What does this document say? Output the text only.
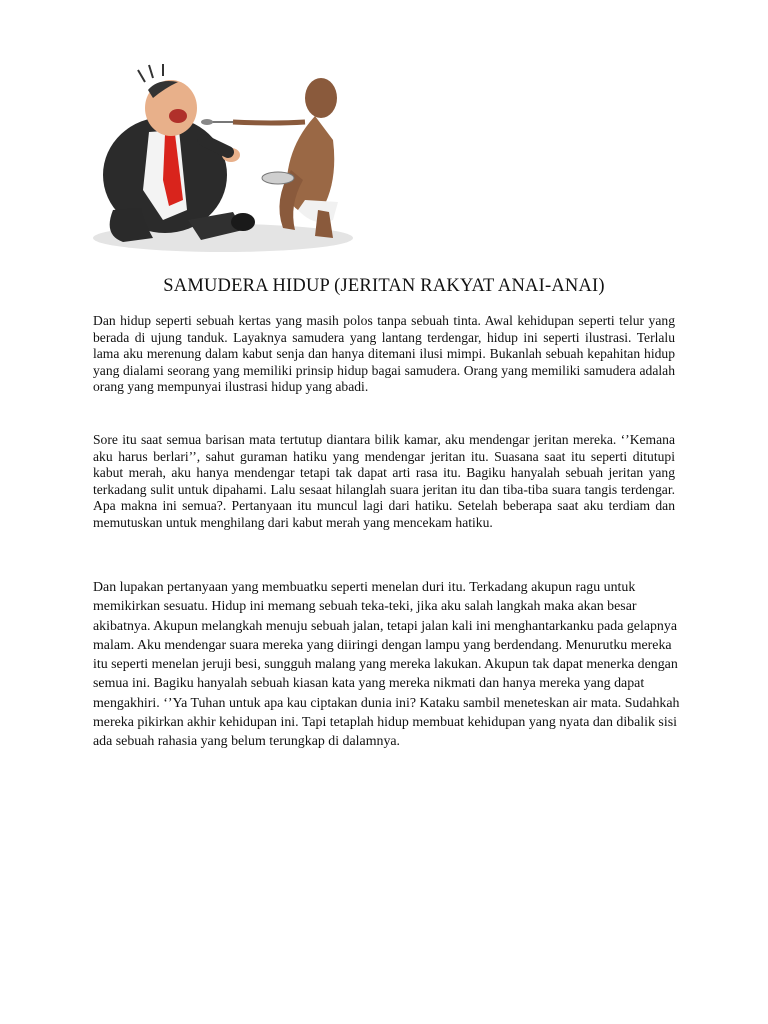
SAMUDERA HIDUP (JERITAN RAKYAT ANAI-ANAI)

Dan hidup seperti sebuah kertas yang masih polos tanpa sebuah tinta. Awal kehidupan seperti telur yang berada di ujung tanduk. Layaknya samudera yang lantang terdengar, hidup ini seperti ilustrasi. Terlalu lama aku merenung dalam kabut senja dan hanya ditemani ilusi mimpi. Bukanlah sebuah kepahitan hidup yang dialami seorang yang memiliki prinsip hidup bagai samudera. Orang yang memiliki samudera adalah orang yang mempunyai ilustrasi hidup yang abadi.

Sore itu saat semua barisan mata tertutup diantara bilik kamar, aku mendengar jeritan mereka. ‘’Kemana aku harus berlari’’, sahut guraman hatiku yang mendengar jeritan itu. Suasana saat itu seperti ditutupi kabut merah, aku hanya mendengar tetapi tak dapat arti rasa itu. Bagiku hanyalah sebuah jeritan yang terkadang sulit untuk dipahami. Lalu sesaat hilanglah suara jeritan itu dan tiba-tiba suara tangis terdengar. Apa makna ini semua?. Pertanyaan itu muncul lagi dari hatiku. Setelah beberapa saat aku terdiam dan memutuskan untuk menghilang dari kabut merah yang mencekam hatiku.

Dan lupakan pertanyaan yang membuatku seperti menelan duri itu. Terkadang akupun ragu untuk memikirkan sesuatu. Hidup ini memang sebuah teka-teki, jika aku salah langkah maka akan besar akibatnya. Akupun melangkah menuju sebuah jalan, tetapi jalan kali ini menghantarkanku pada gelapnya malam. Aku mendengar suara mereka yang diiringi dengan lampu yang berdendang. Menurutku mereka itu seperti menelan jeruji besi, sungguh malang yang mereka lakukan. Akupun tak dapat menerka dengan semua ini. Bagiku hanyalah sebuah kiasan kata yang mereka nikmati dan hanya mereka yang dapat mengakhiri. ‘’Ya Tuhan untuk apa kau ciptakan dunia ini? Kataku sambil meneteskan air mata. Sudahkah mereka pikirkan akhir kehidupan ini. Tapi tetaplah hidup membuat kehidupan yang nyata dan dibalik sisi ada sebuah rahasia yang belum terungkap di dalamnya.
